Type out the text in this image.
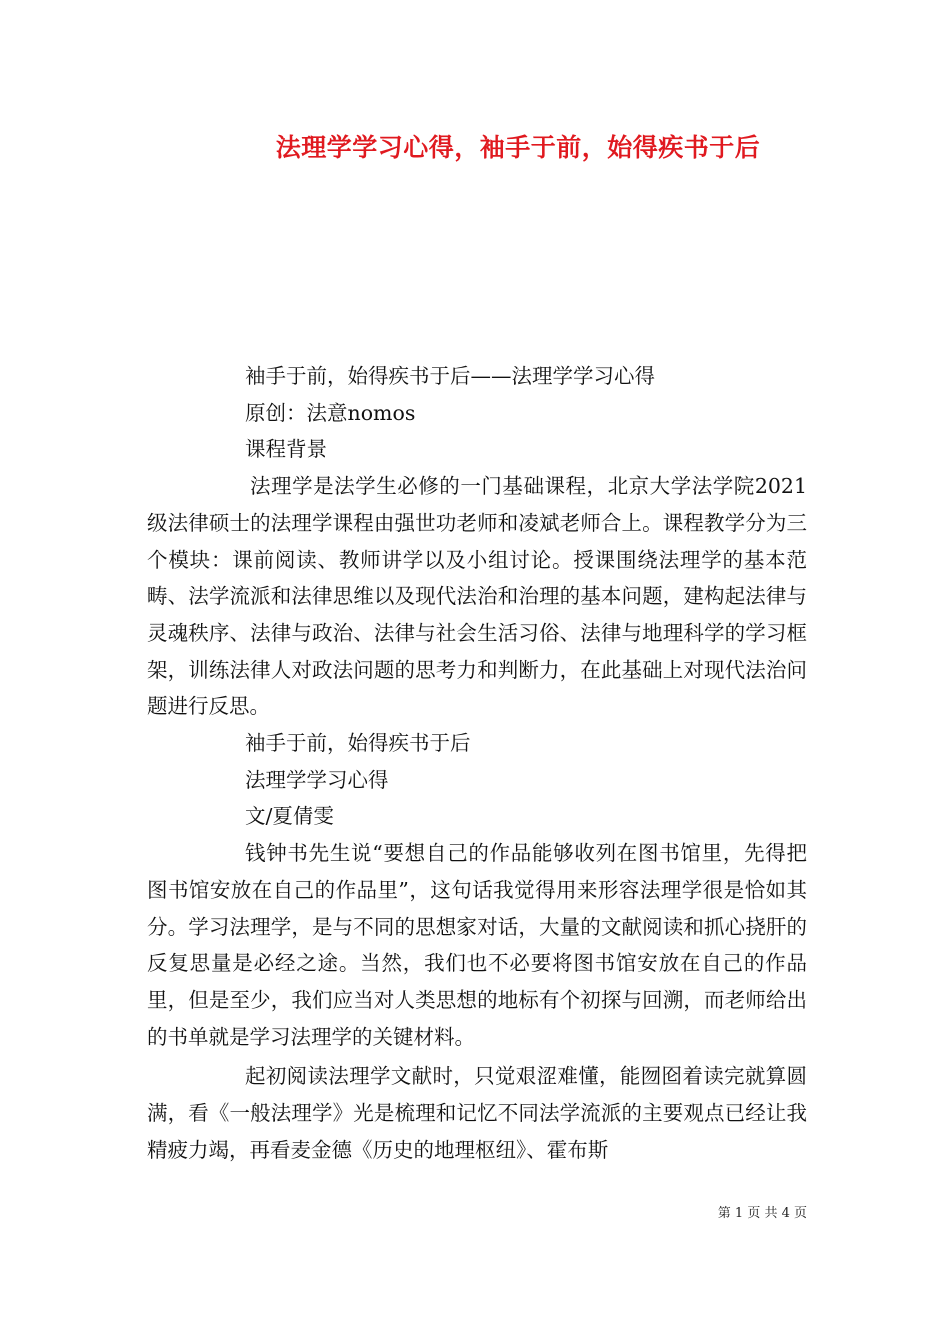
法理学学习心得，袖手于前，始得疾书于后
袖手于前，始得疾书于后——法理学学习心得
原创：法意nomos
课程背景

法理学是法学生必修的一门基础课程，北京大学法学院2021级法律硕士的法理学课程由强世功老师和凌斌老师合上。课程教学分为三个模块：课前阅读、教师讲学以及小组讨论。授课围绕法理学的基本范畴、法学流派和法律思维以及现代法治和治理的基本问题，建构起法律与灵魂秩序、法律与政治、法律与社会生活习俗、法律与地理科学的学习框架，训练法律人对政法问题的思考力和判断力，在此基础上对现代法治问题进行反思。

袖手于前，始得疾书于后
法理学学习心得
文/夏倩雯

钱钟书先生说“要想自己的作品能够收列在图书馆里，先得把图书馆安放在自己的作品里”，这句话我觉得用来形容法理学很是恰如其分。学习法理学，是与不同的思想家对话，大量的文献阅读和抓心挠肝的反复思量是必经之途。当然，我们也不必要将图书馆安放在自己的作品里，但是至少，我们应当对人类思想的地标有个初探与回溯，而老师给出的书单就是学习法理学的关键材料。

起初阅读法理学文献时，只觉艰涩难懂，能囫囵着读完就算圆满，看《一般法理学》光是梳理和记忆不同法学流派的主要观点已经让我精疲力竭，再看麦金德《历史的地理枢纽》、霍布斯

第 1 页 共 4 页
